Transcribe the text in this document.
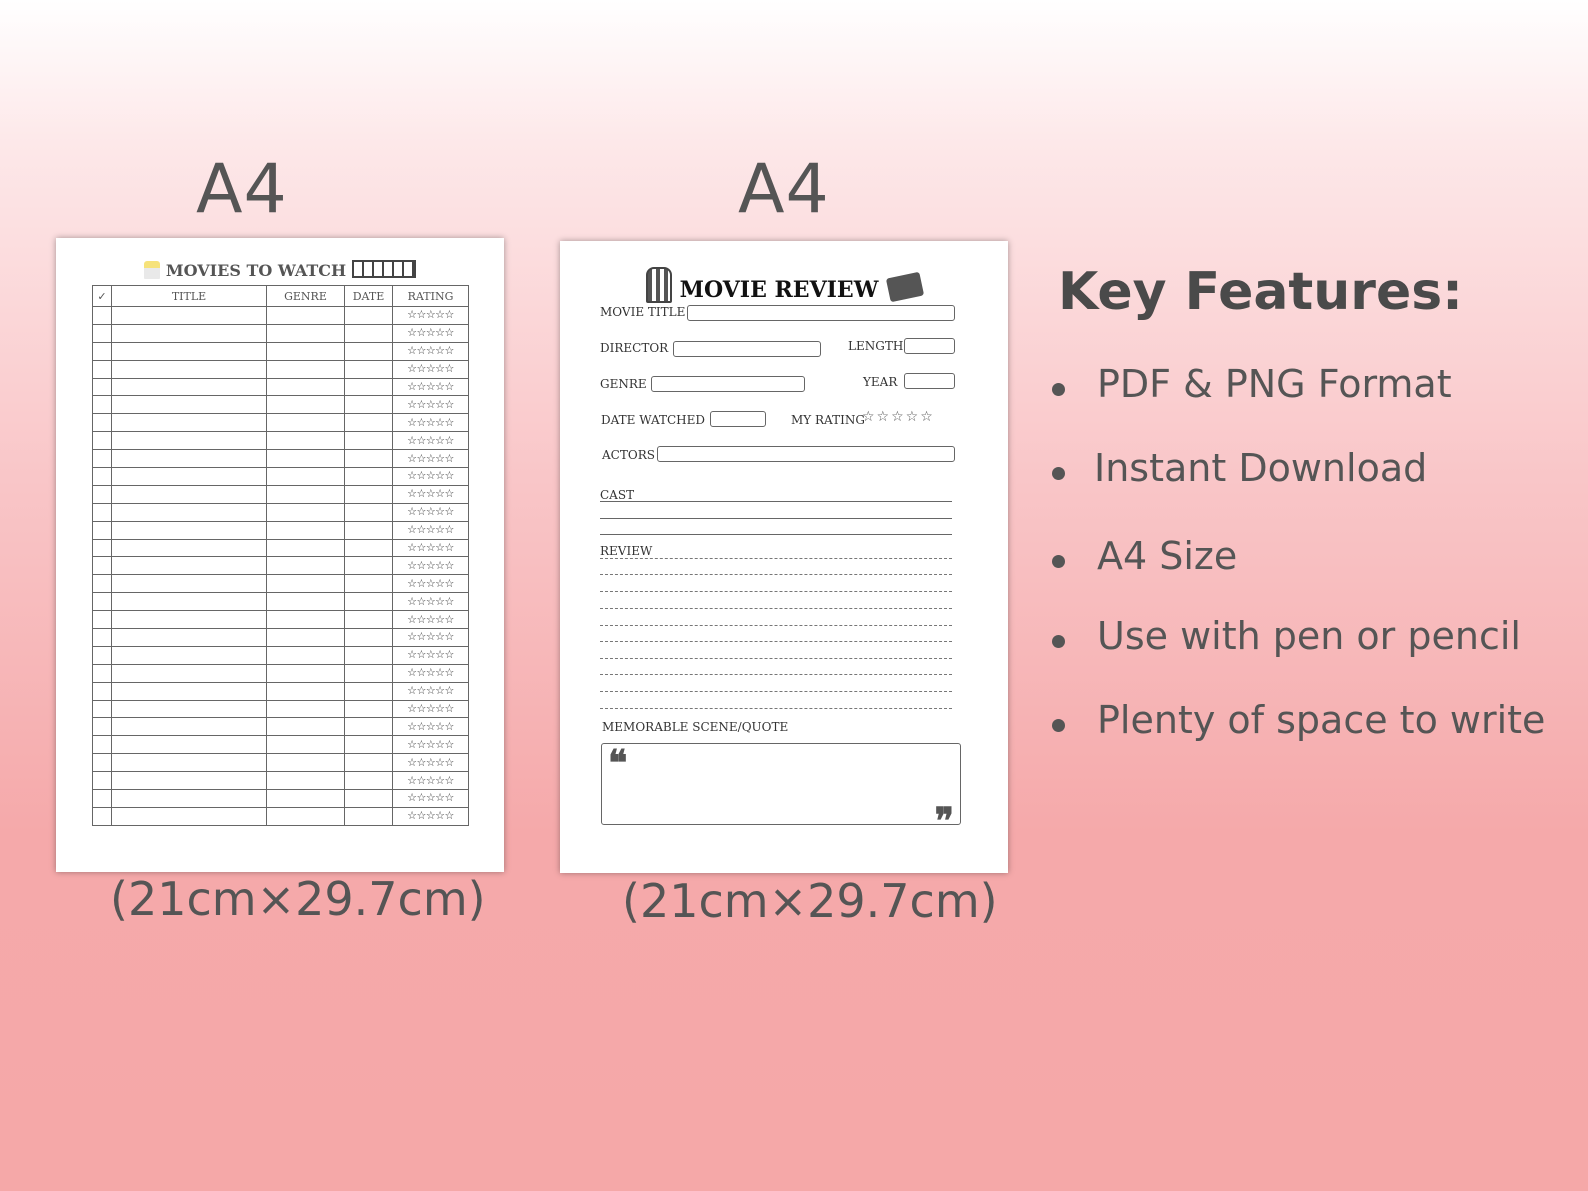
A4
MOVIES TO WATCH
✓	TITLE	GENRE	DATE	RATING
				☆☆☆☆☆
				☆☆☆☆☆
				☆☆☆☆☆
				☆☆☆☆☆
				☆☆☆☆☆
				☆☆☆☆☆
				☆☆☆☆☆
				☆☆☆☆☆
				☆☆☆☆☆
				☆☆☆☆☆
				☆☆☆☆☆
				☆☆☆☆☆
				☆☆☆☆☆
				☆☆☆☆☆
				☆☆☆☆☆
				☆☆☆☆☆
				☆☆☆☆☆
				☆☆☆☆☆
				☆☆☆☆☆
				☆☆☆☆☆
				☆☆☆☆☆
				☆☆☆☆☆
				☆☆☆☆☆
				☆☆☆☆☆
				☆☆☆☆☆
				☆☆☆☆☆
				☆☆☆☆☆
				☆☆☆☆☆
				☆☆☆☆☆
(21cm×29.7cm)
A4
MOVIE REVIEW
MOVIE TITLE
DIRECTOR	LENGTH
GENRE	YEAR
DATE WATCHED	MY RATING
☆☆☆☆☆
ACTORS
CAST
REVIEW
MEMORABLE SCENE/QUOTE
❝
❞
(21cm×29.7cm)
Key Features:
PDF & PNG Format
Instant Download
A4 Size
Use with pen or pencil
Plenty of space to write
